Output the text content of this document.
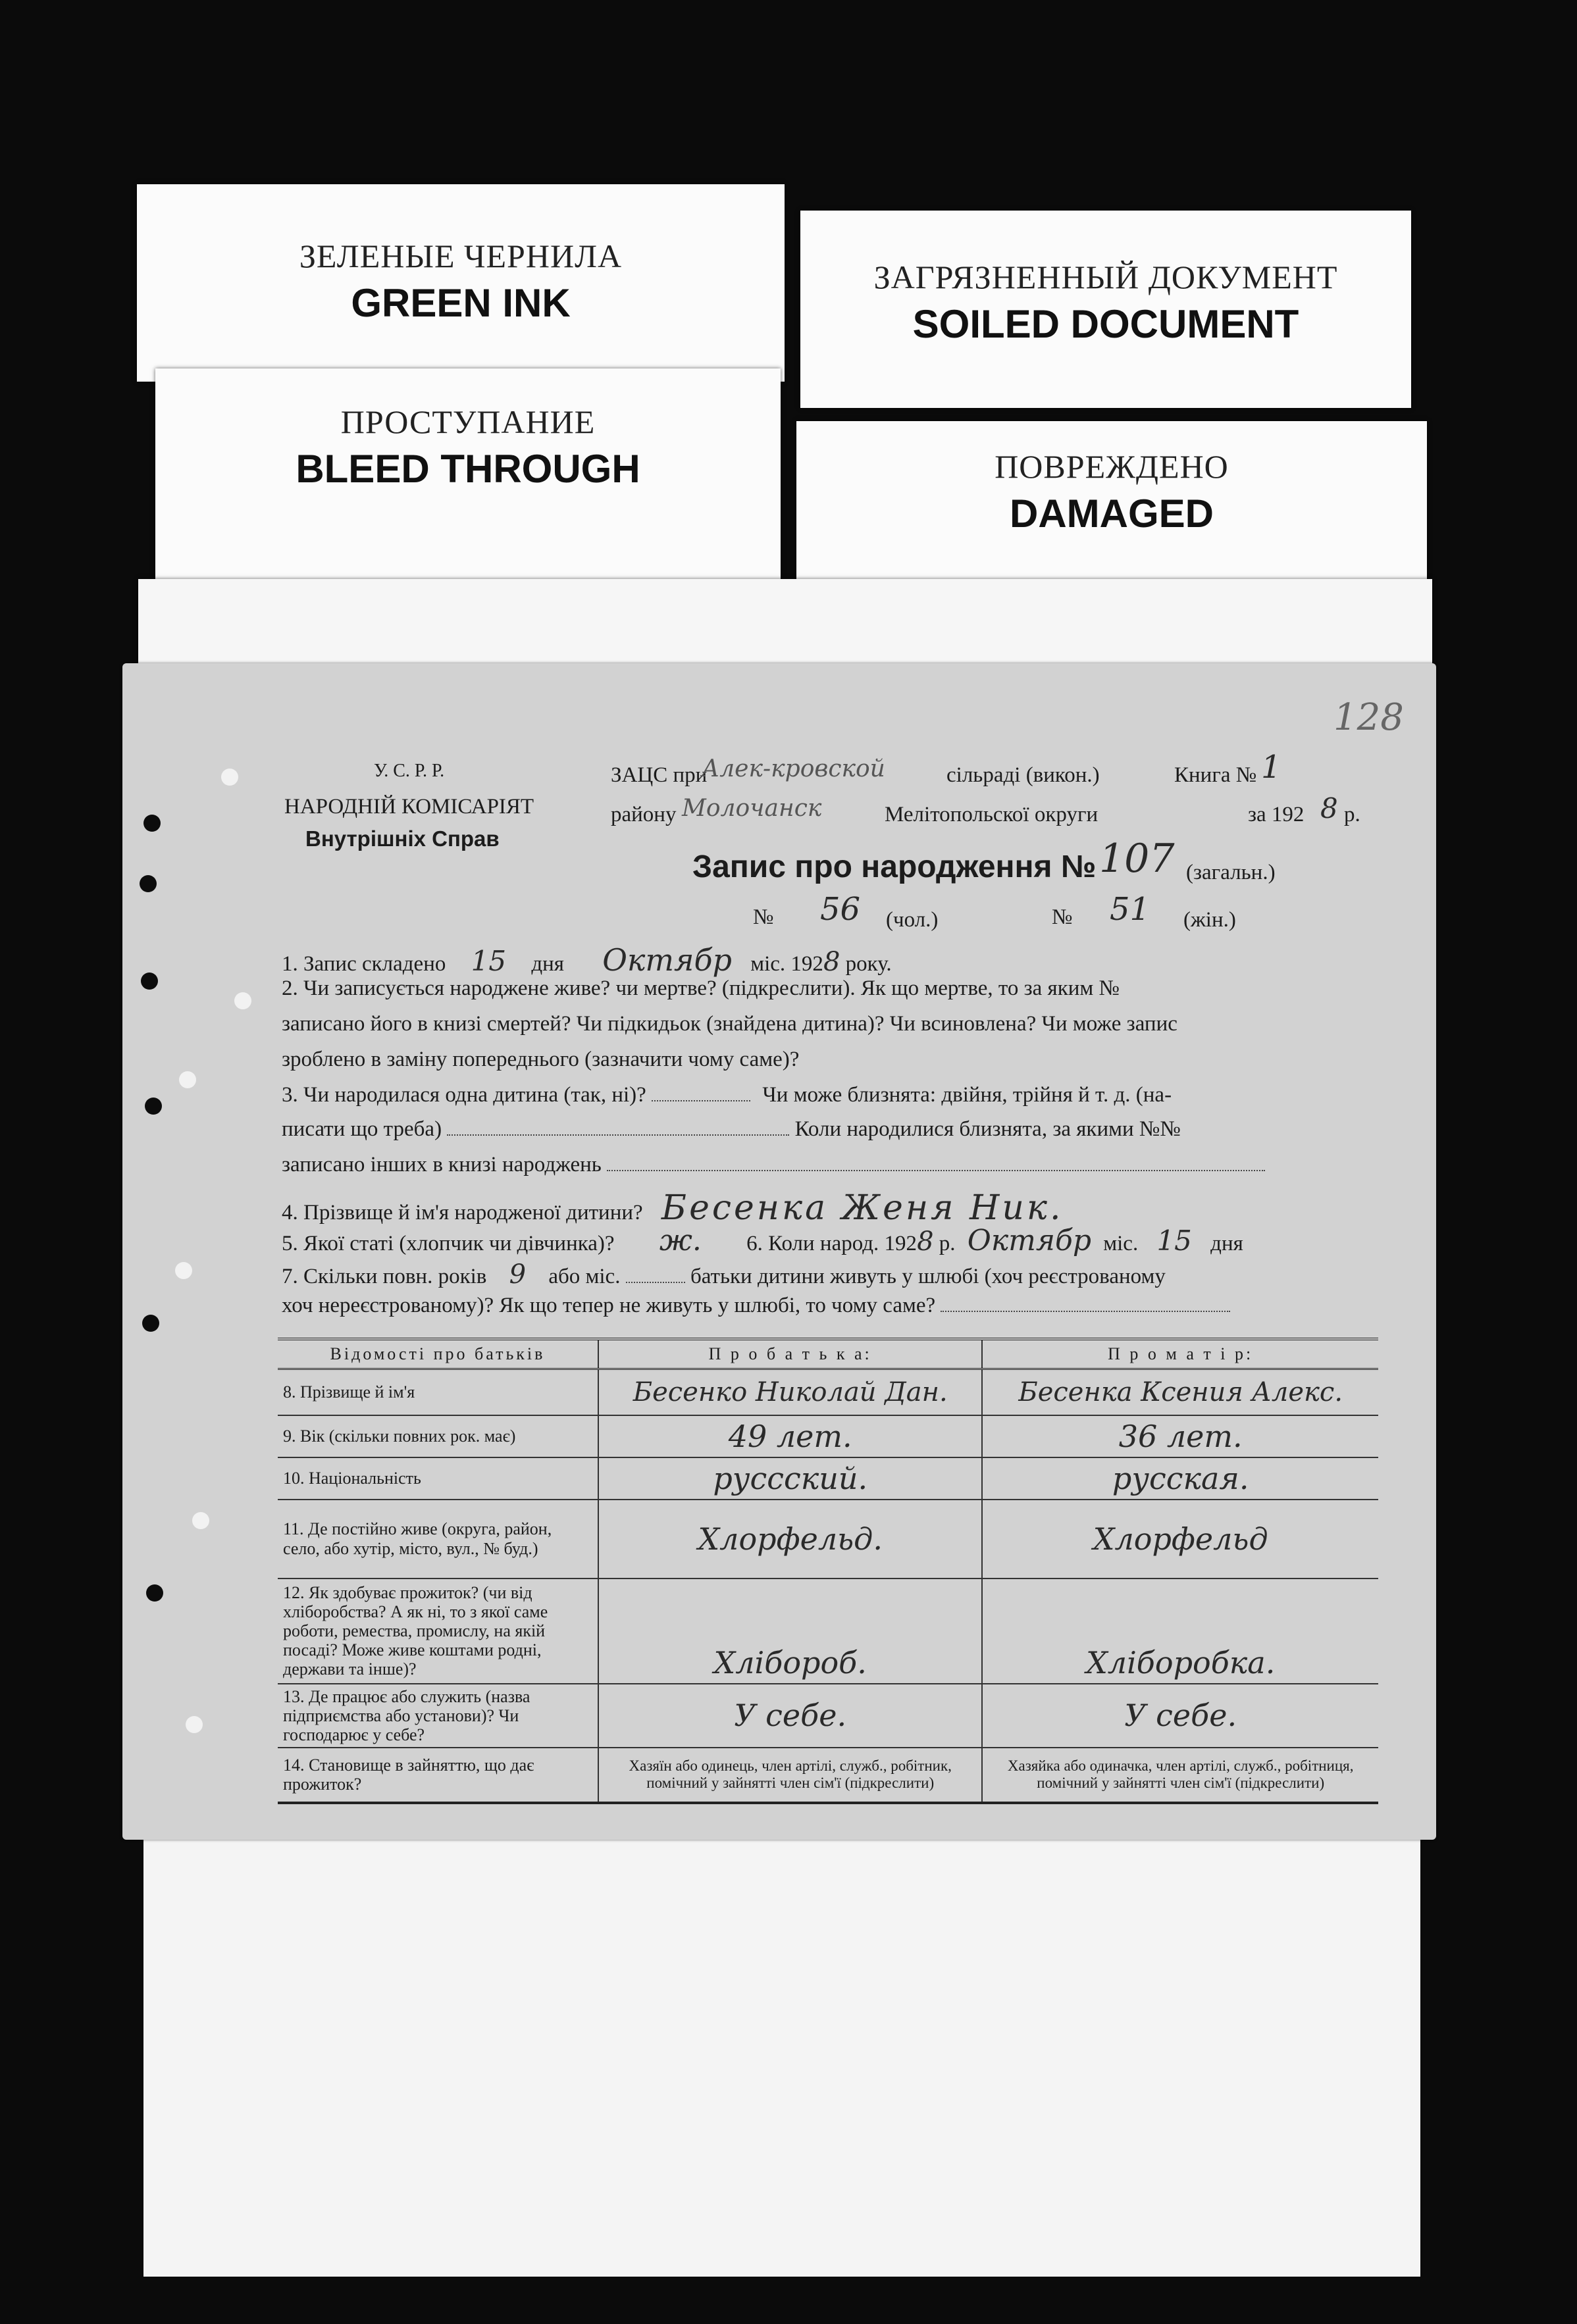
ЗЕЛЕНЫЕ ЧЕРНИЛА
GREEN INK
ЗАГРЯЗНЕННЫЙ ДОКУМЕНТ
SOILED DOCUMENT
ПРОСТУПАНИЕ
BLEED THROUGH	ПОВРЕЖДЕНО
DAMAGED
128
У. С. Р. Р.
НАРОДНІЙ КОМІСАРІЯТ
Внутрішніх Справ
ЗАЦС при
Алек-кровской	сільраді (викон.)	Книга № 1
району Молочанск	Мелітопольскої округи	за 192 8 р.
Запис про народження № 107 (загальн.)
№ 56 (чол.)	№ 51 (жін.)
1. Запис складено 15 дня Октябр міс. 1928 року.
2. Чи записується народжене живе? чи мертве? (підкреслити). Як що мертве, то за яким №
записано його в книзі смертей? Чи підкидьок (знайдена дитина)? Чи всиновлена? Чи може запис
зроблено в заміну попереднього (зазначити чому саме)?
3. Чи народилася одна дитина (так, ні)?	Чи може близнята: двійня, трійня й т. д. (на-
писати що треба)	Коли народилися близнята, за якими №№
записано інших в книзі народжень
4. Прізвище й ім'я народженої дитини? Бесенка Женя Ник.
5. Якої статі (хлопчик чи дівчинка)? ж. 6. Коли народ. 1928 р. Октябр міс. 15 дня
7. Скільки повн. років 9 або міс.	батьки дитини живуть у шлюбі (хоч реєстрованому
хоч нереєстрованому)? Як що тепер не живуть у шлюбі, то чому саме?
Відомості про батьків	П р о б а т ь к а:	П р о м а т і р:
8. Прізвище й ім'я	Бесенко Николай Дан.	Бесенка Ксения Алекс.
9. Вік (скільки повних рок. має)	49 лет.	36 лет.
10. Національність	руссский.	русская.
11. Де постійно живе (округа, район, село, або хутір, місто, вул., № буд.)	Хлорфельд.	Хлорфельд
12. Як здобуває прожиток? (чи від хліборобства? А як ні, то з якої саме роботи, ремества, промислу, на якій посаді? Може живе коштами родні, держави та інше)?	Хлібороб.	Хліборобка.
13. Де працює або служить (назва підприємства або установи)? Чи господарює у себе?	У себе.	У себе.
14. Становище в зайняттю, що дає прожиток?	Хазяїн або одинець, член артілі, служб., робітник, помічний у зайнятті член сім'ї (підкреслити)	Хазяйка або одиначка, член артілі, служб., робітниця, помічний у зайнятті член сім'ї (підкреслити)
